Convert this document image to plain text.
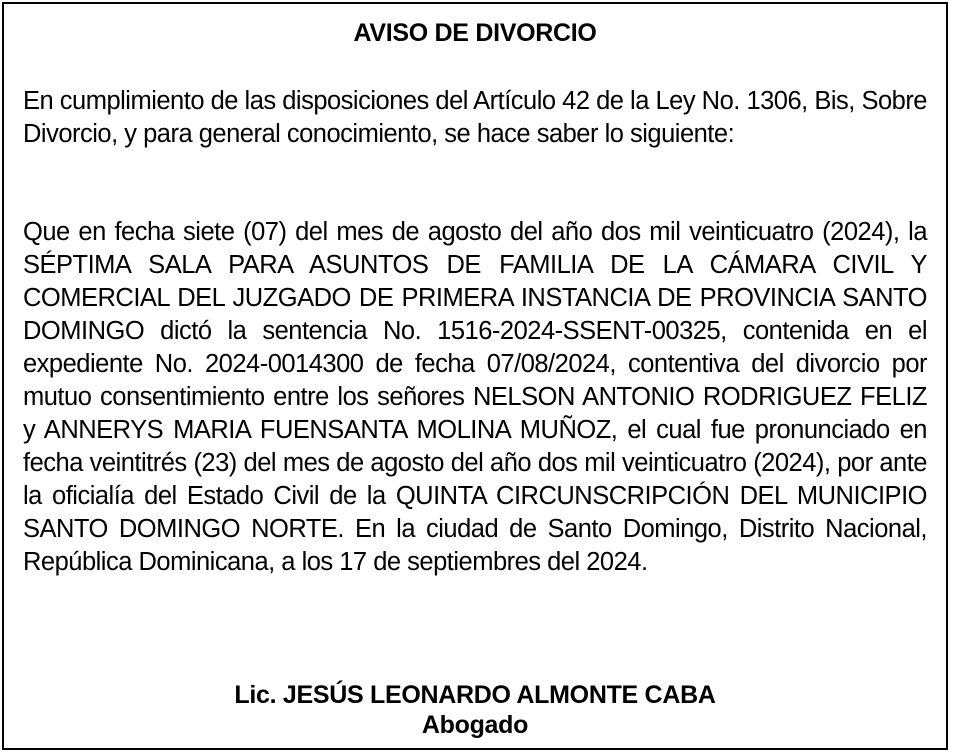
AVISO DE DIVORCIO

En cumplimiento de las disposiciones del Artículo 42 de la Ley No. 1306, Bis, Sobre Divorcio, y para general conocimiento, se hace saber lo siguiente:

Que en fecha siete (07) del mes de agosto del año dos mil veinticuatro (2024), la SÉPTIMA SALA PARA ASUNTOS DE FAMILIA DE LA CÁMARA CIVIL Y COMERCIAL DEL JUZGADO DE PRIMERA INSTANCIA DE PROVINCIA SANTO DOMINGO dictó la sentencia No. 1516-2024-SSENT-00325, contenida en el expediente No. 2024-0014300 de fecha 07/08/2024, contentiva del divorcio por mutuo consentimiento entre los señores NELSON ANTONIO RODRIGUEZ FELIZ y ANNERYS MARIA FUENSANTA MOLINA MUÑOZ, el cual fue pronunciado en fecha veintitrés (23) del mes de agosto del año dos mil veinticuatro (2024), por ante la oficialía del Estado Civil de la QUINTA CIRCUNSCRIPCIÓN DEL MUNICIPIO SANTO DOMINGO NORTE. En la ciudad de Santo Domingo, Distrito Nacional, República Dominicana, a los 17 de septiembres del 2024.

Lic. JESÚS LEONARDO ALMONTE CABA
Abogado
